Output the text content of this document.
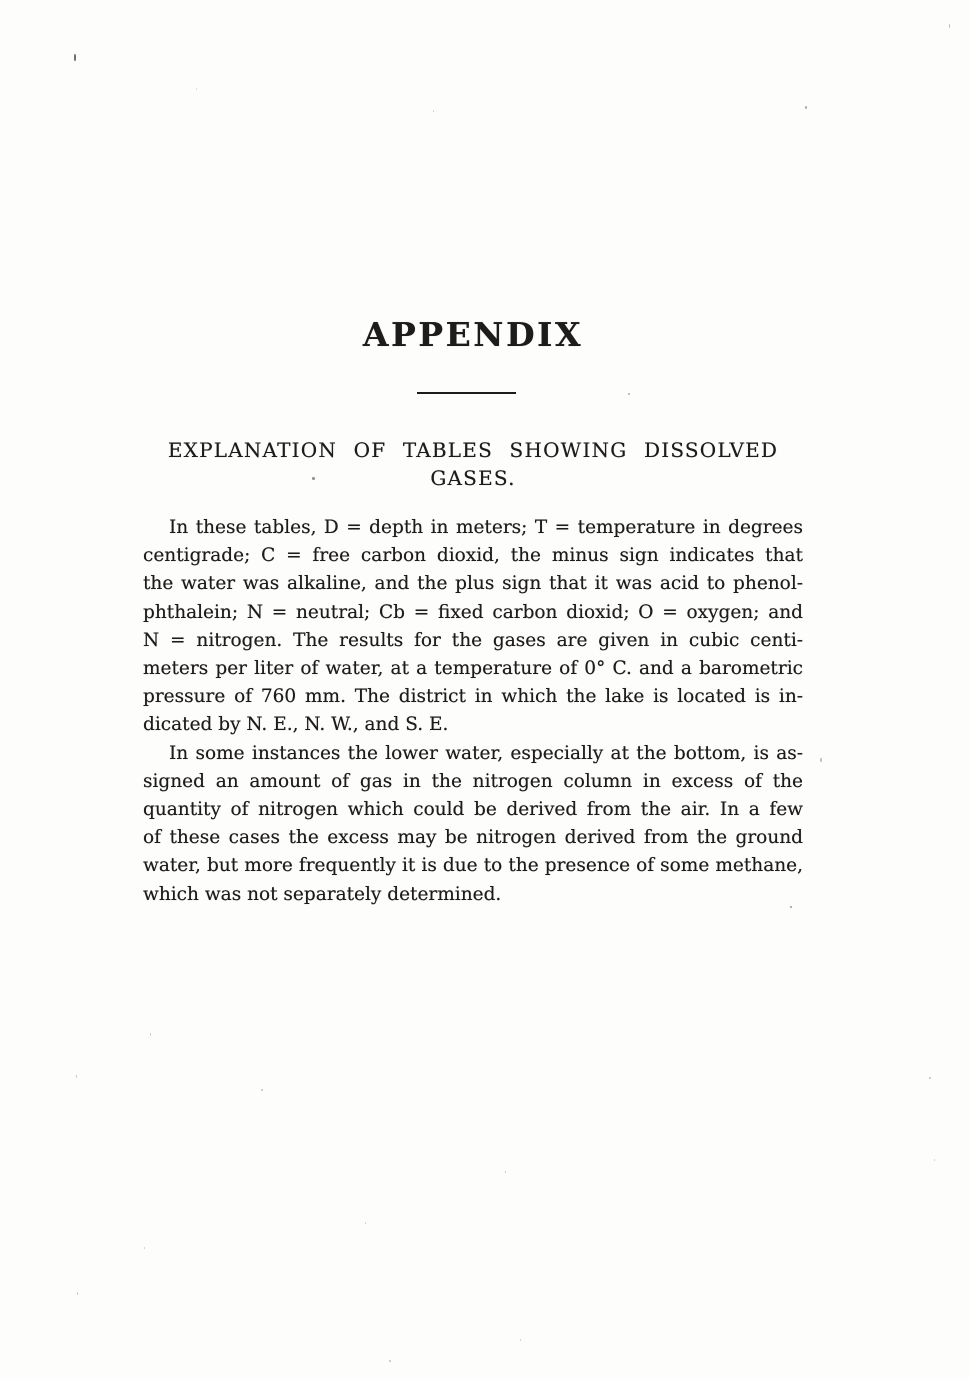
APPENDIX
EXPLANATION OF TABLES SHOWING DISSOLVED
GASES.
In these tables, D = depth in meters; T = temperature in degrees
centigrade; C = free carbon dioxid, the minus sign indicates that
the water was alkaline, and the plus sign that it was acid to phenol-
phthalein; N = neutral; Cb = fixed carbon dioxid; O = oxygen; and
N = nitrogen. The results for the gases are given in cubic centi-
meters per liter of water, at a temperature of 0° C. and a barometric
pressure of 760 mm. The district in which the lake is located is in-
dicated by N. E., N. W., and S. E.
In some instances the lower water, especially at the bottom, is as-
signed an amount of gas in the nitrogen column in excess of the
quantity of nitrogen which could be derived from the air. In a few
of these cases the excess may be nitrogen derived from the ground
water, but more frequently it is due to the presence of some methane,
which was not separately determined.
